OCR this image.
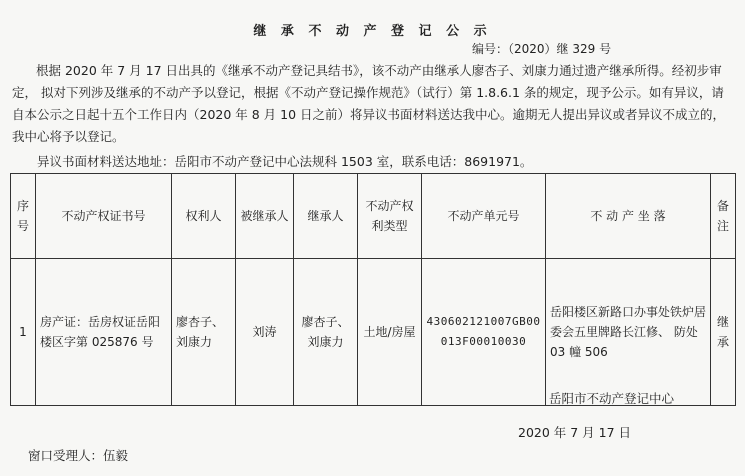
继 承 不 动 产 登 记 公 示
编号：（2020）继 329 号
根据 2020 年 7 月 17 日出具的《继承不动产登记具结书》，该不动产由继承人廖杏子、刘康力通过遗产继承所得。经初步审定， 拟对下列涉及继承的不动产予以登记，根据《不动产登记操作规范》（试行）第 1.8.6.1 条的规定，现予公示。如有异议，请自本公示之日起十五个工作日内（2020 年 8 月 10 日之前）将异议书面材料送达我中心。逾期无人提出异议或者异议不成立的，我中心将予以登记。
异议书面材料送达地址：岳阳市不动产登记中心法规科 1503 室，联系电话：8691971。
序号	不动产权证书号	权利人	被继承人	继承人	不动产权利类型	不动产单元号	不 动 产 坐 落	备注
1	房产证：岳房权证岳阳楼区字第 025876 号	廖杏子、刘康力	刘涛	廖杏子、刘康力	土地/房屋	430602121007GB00013F00010030	岳阳楼区新路口办事处铁炉居委会五里牌路长江修、 防处 03 幢 506	继承
岳阳市不动产登记中心
2020 年 7 月 17 日
窗口受理人：伍毅
